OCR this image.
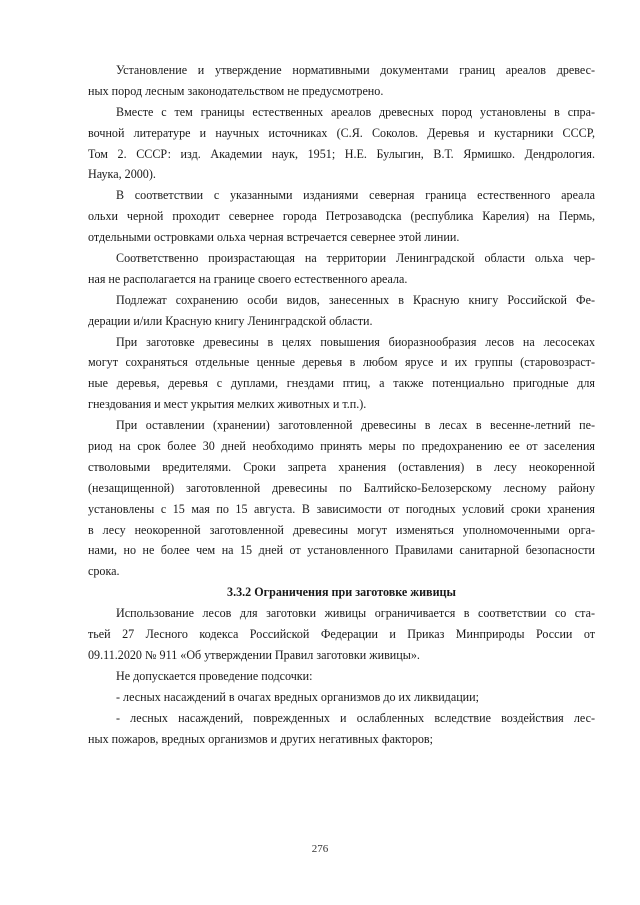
Установление и утверждение нормативными документами границ ареалов древес-
ных пород лесным законодательством не предусмотрено.
Вместе с тем границы естественных ареалов древесных пород установлены в спра-
вочной литературе и научных источниках (С.Я. Соколов. Деревья и кустарники СССР,
Том 2. СССР: изд. Академии наук, 1951; Н.Е. Булыгин, В.Т. Ярмишко. Дендрология.
Наука, 2000).
В соответствии с указанными изданиями северная граница естественного ареала
ольхи черной проходит севернее города Петрозаводска (республика Карелия) на Пермь,
отдельными островками ольха черная встречается севернее этой линии.
Соответственно произрастающая на территории Ленинградской области ольха чер-
ная не располагается на границе своего естественного ареала.
Подлежат сохранению особи видов, занесенных в Красную книгу Российской Фе-
дерации и/или Красную книгу Ленинградской области.
При заготовке древесины в целях повышения биоразнообразия лесов на лесосеках
могут сохраняться отдельные ценные деревья в любом ярусе и их группы (старовозраст-
ные деревья, деревья с дуплами, гнездами птиц, а также потенциально пригодные для
гнездования и мест укрытия мелких животных и т.п.).
При оставлении (хранении) заготовленной древесины в лесах в весенне-летний пе-
риод на срок более 30 дней необходимо принять меры по предохранению ее от заселения
стволовыми вредителями. Сроки запрета хранения (оставления) в лесу неокоренной
(незащищенной) заготовленной древесины по Балтийско-Белозерскому лесному району
установлены с 15 мая по 15 августа. В зависимости от погодных условий сроки хранения
в лесу неокоренной заготовленной древесины могут изменяться уполномоченными орга-
нами, но не более чем на 15 дней от установленного Правилами санитарной безопасности
срока.
3.3.2 Ограничения при заготовке живицы
Использование лесов для заготовки живицы ограничивается в соответствии со ста-
тьей 27 Лесного кодекса Российской Федерации и Приказ Минприроды России от
09.11.2020 № 911 «Об утверждении Правил заготовки живицы».
Не допускается проведение подсочки:
- лесных насаждений в очагах вредных организмов до их ликвидации;
- лесных насаждений, поврежденных и ослабленных вследствие воздействия лес-
ных пожаров, вредных организмов и других негативных факторов;
276
